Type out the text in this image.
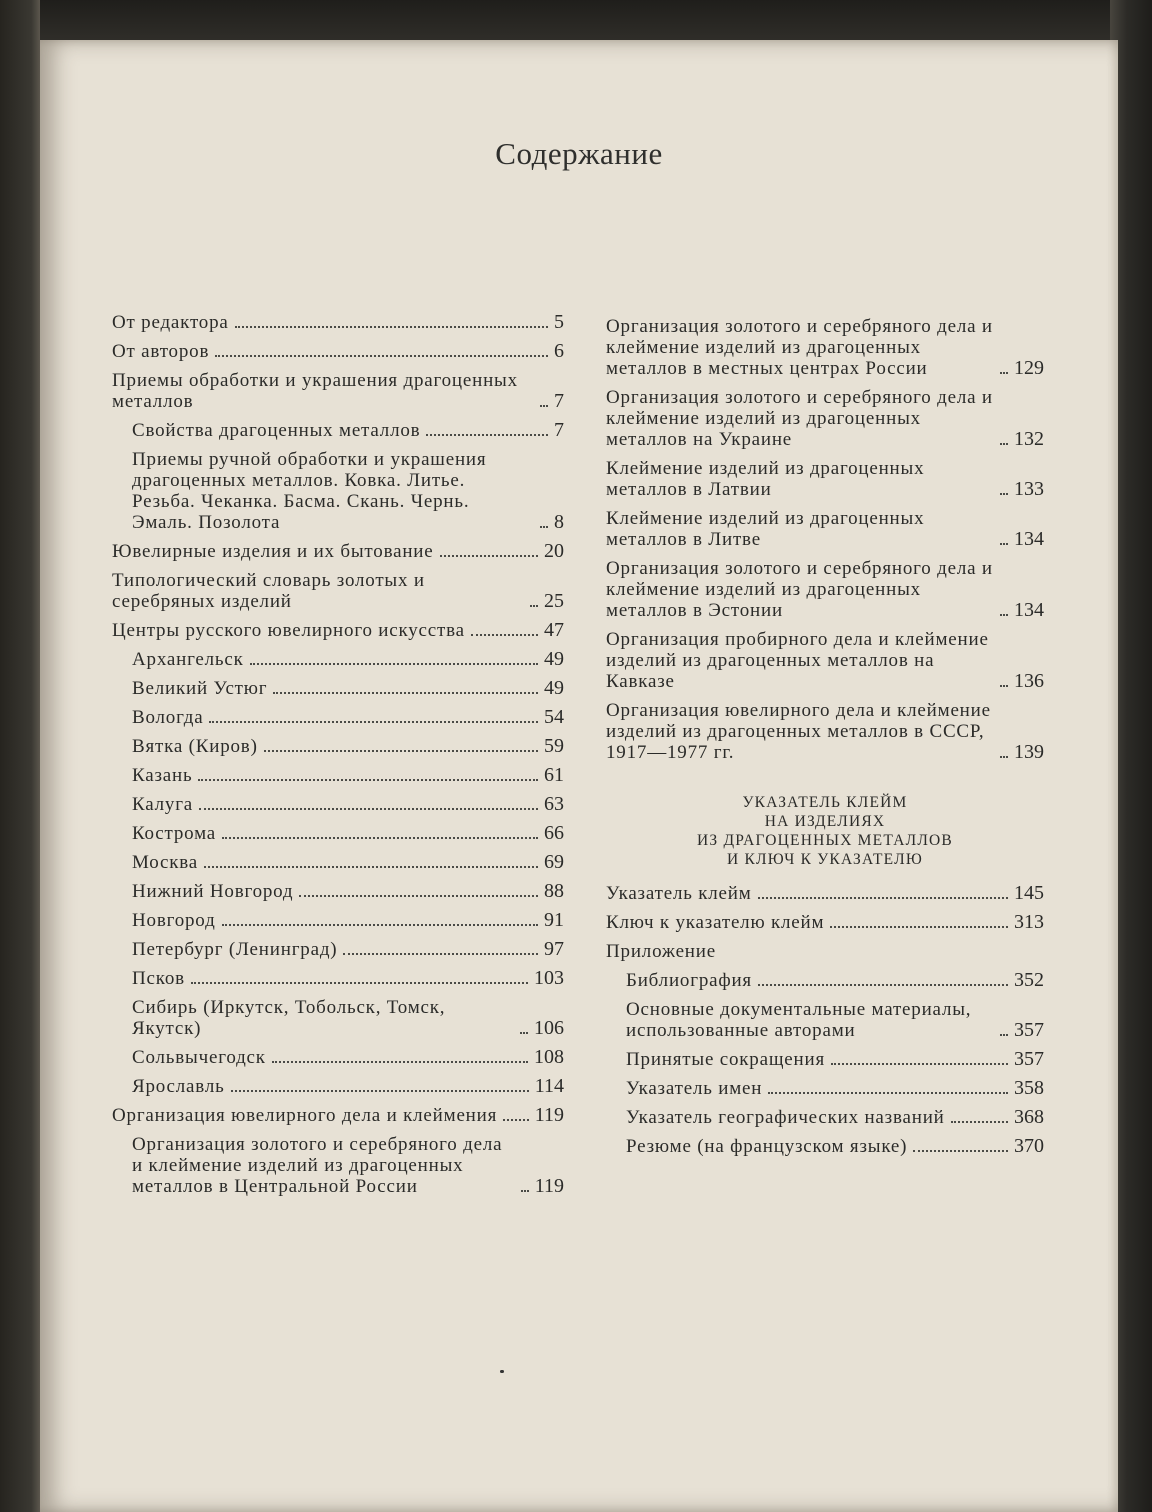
Содержание
От редактора	5
От авторов	6
Приемы обработки и украшения драгоценных металлов	7
Свойства драгоценных металлов	7
Приемы ручной обработки и украшения драгоценных металлов. Ковка. Литье. Резьба. Чеканка. Басма. Скань. Чернь. Эмаль. Позолота	8
Ювелирные изделия и их бытование	20
Типологический словарь золотых и серебряных изделий	25
Центры русского ювелирного искусства	47
Архангельск	49
Великий Устюг	49
Вологда	54
Вятка (Киров)	59
Казань	61
Калуга	63
Кострома	66
Москва	69
Нижний Новгород	88
Новгород	91
Петербург (Ленинград)	97
Псков	103
Сибирь (Иркутск, Тобольск, Томск, Якутск)	106
Сольвычегодск	108
Ярославль	114
Организация ювелирного дела и клеймения 119
Организация золотого и серебряного дела и клеймение изделий из драгоценных металлов в Центральной России	119
Организация золотого и серебряного дела и клеймение изделий из драгоценных металлов в местных центрах России	129
Организация золотого и серебряного дела и клеймение изделий из драгоценных металлов на Украине	132
Клеймение изделий из драгоценных металлов в Латвии	133
Клеймение изделий из драгоценных металлов в Литве	134
Организация золотого и серебряного дела и клеймение изделий из драгоценных металлов в Эстонии	134
Организация пробирного дела и клеймение изделий из драгоценных металлов на Кавказе	136
Организация ювелирного дела и клеймение изделий из драгоценных металлов в СССР, 1917—1977 гг.	139
УКАЗАТЕЛЬ КЛЕЙМ
НА ИЗДЕЛИЯХ
ИЗ ДРАГОЦЕННЫХ МЕТАЛЛОВ
И КЛЮЧ К УКАЗАТЕЛЮ
Указатель клейм	145
Ключ к указателю клейм	313
Приложение
Библиография	352
Основные документальные материалы, использованные авторами	357
Принятые сокращения	357
Указатель имен	358
Указатель географических названий	368
Резюме (на французском языке)	370
